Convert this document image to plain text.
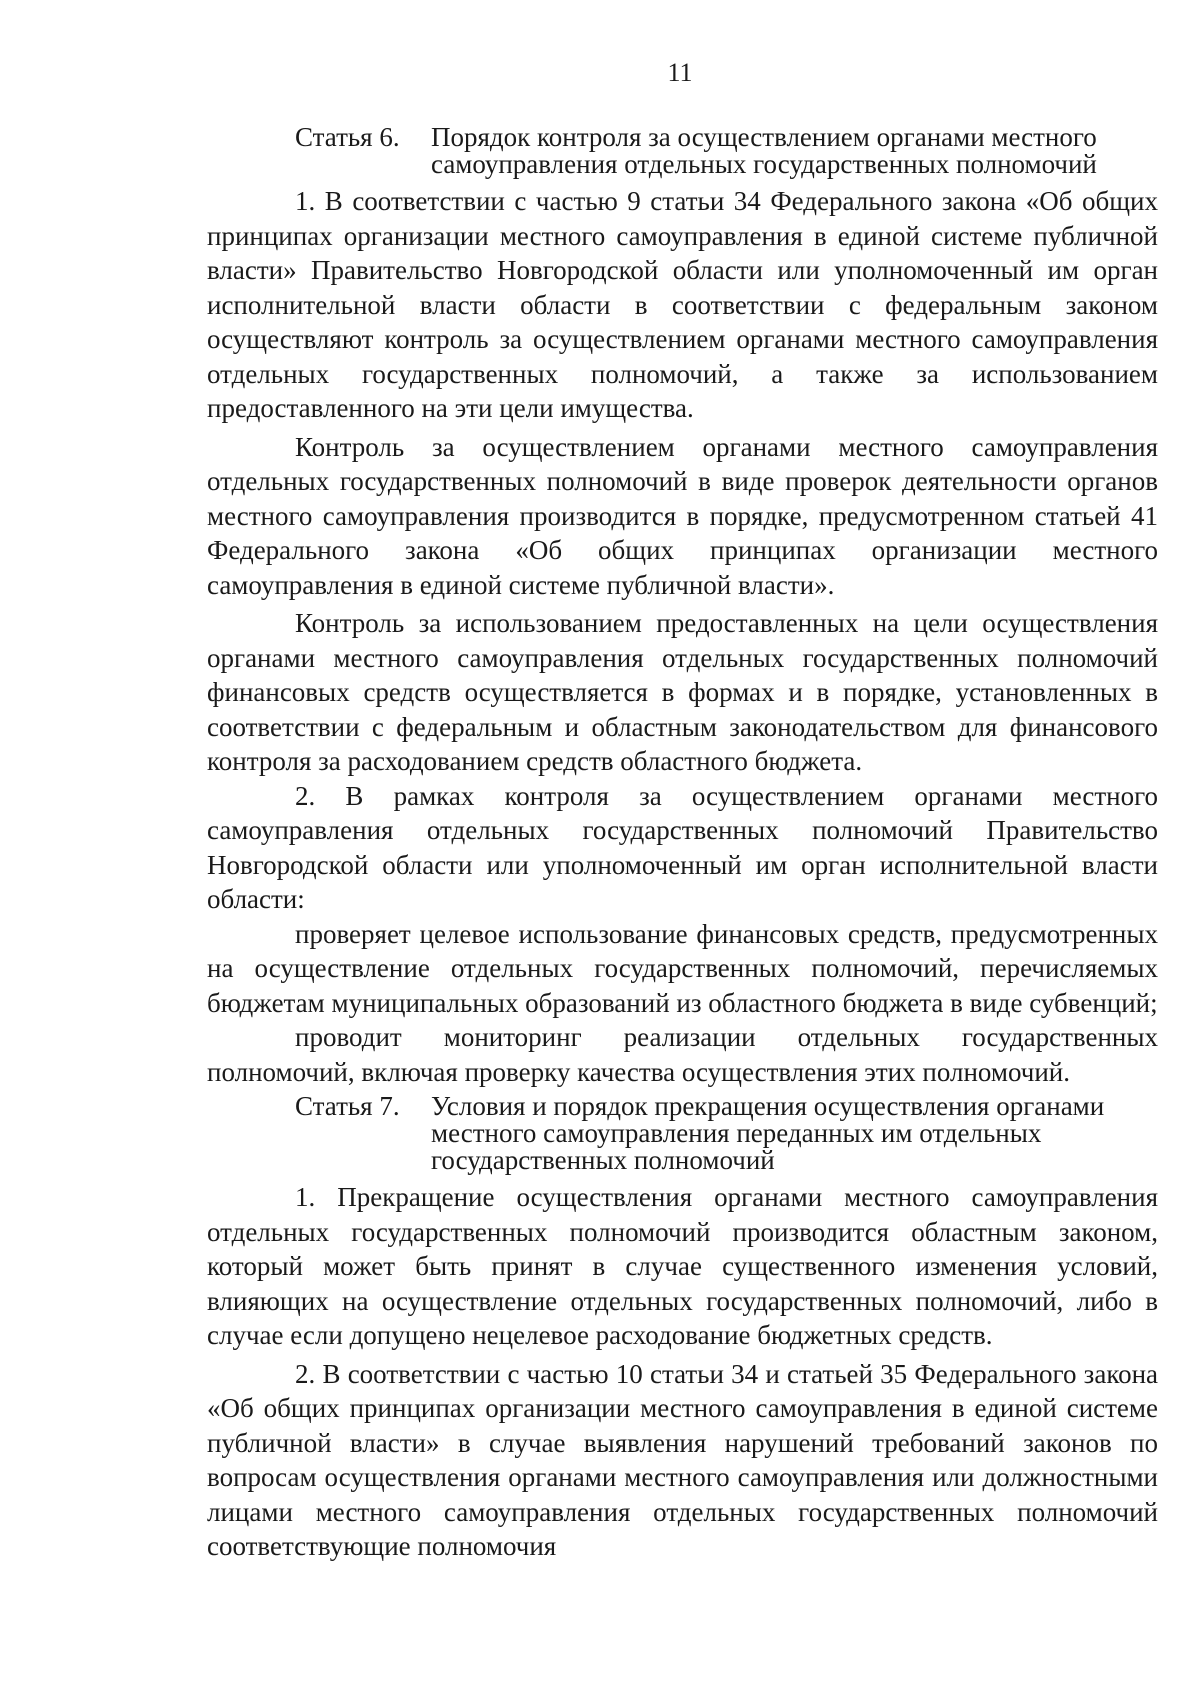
11
Статья 6.	Порядок контроля за осуществлением органами местного
самоуправления отдельных государственных полномочий

1. В соответствии с частью 9 статьи 34 Федерального закона «Об общих принципах организации местного самоуправления в единой системе публичной власти» Правительство Новгородской области или уполномоченный им орган исполнительной власти области в соответствии с федеральным законом осуществляют контроль за осуществлением органами местного самоуправления отдельных государственных полномочий, а также за использованием предоставленного на эти цели имущества.

Контроль за осуществлением органами местного самоуправления отдельных государственных полномочий в виде проверок деятельности органов местного самоуправления производится в порядке, предусмотренном статьей 41 Федерального закона «Об общих принципах организации местного самоуправления в единой системе публичной власти».

Контроль за использованием предоставленных на цели осуществления органами местного самоуправления отдельных государственных полномочий финансовых средств осуществляется в формах и в порядке, установленных в соответствии с федеральным и областным законодательством для финансового контроля за расходованием средств областного бюджета.

2. В рамках контроля за осуществлением органами местного самоуправления отдельных государственных полномочий Правительство Новгородской области или уполномоченный им орган исполнительной власти области:

проверяет целевое использование финансовых средств, предусмотренных на осуществление отдельных государственных полномочий, перечисляемых бюджетам муниципальных образований из областного бюджета в виде субвенций;

проводит мониторинг реализации отдельных государственных полномочий, включая проверку качества осуществления этих полномочий.

Статья 7.	Условия и порядок прекращения осуществления органами
местного самоуправления переданных им отдельных
государственных полномочий

1. Прекращение осуществления органами местного самоуправления отдельных государственных полномочий производится областным законом, который может быть принят в случае существенного изменения условий, влияющих на осуществление отдельных государственных полномочий, либо в случае если допущено нецелевое расходование бюджетных средств.

2. В соответствии с частью 10 статьи 34 и статьей 35 Федерального закона «Об общих принципах организации местного самоуправления в единой системе публичной власти» в случае выявления нарушений требований законов по вопросам осуществления органами местного самоуправления или должностными лицами местного самоуправления отдельных государственных полномочий соответствующие полномочия
